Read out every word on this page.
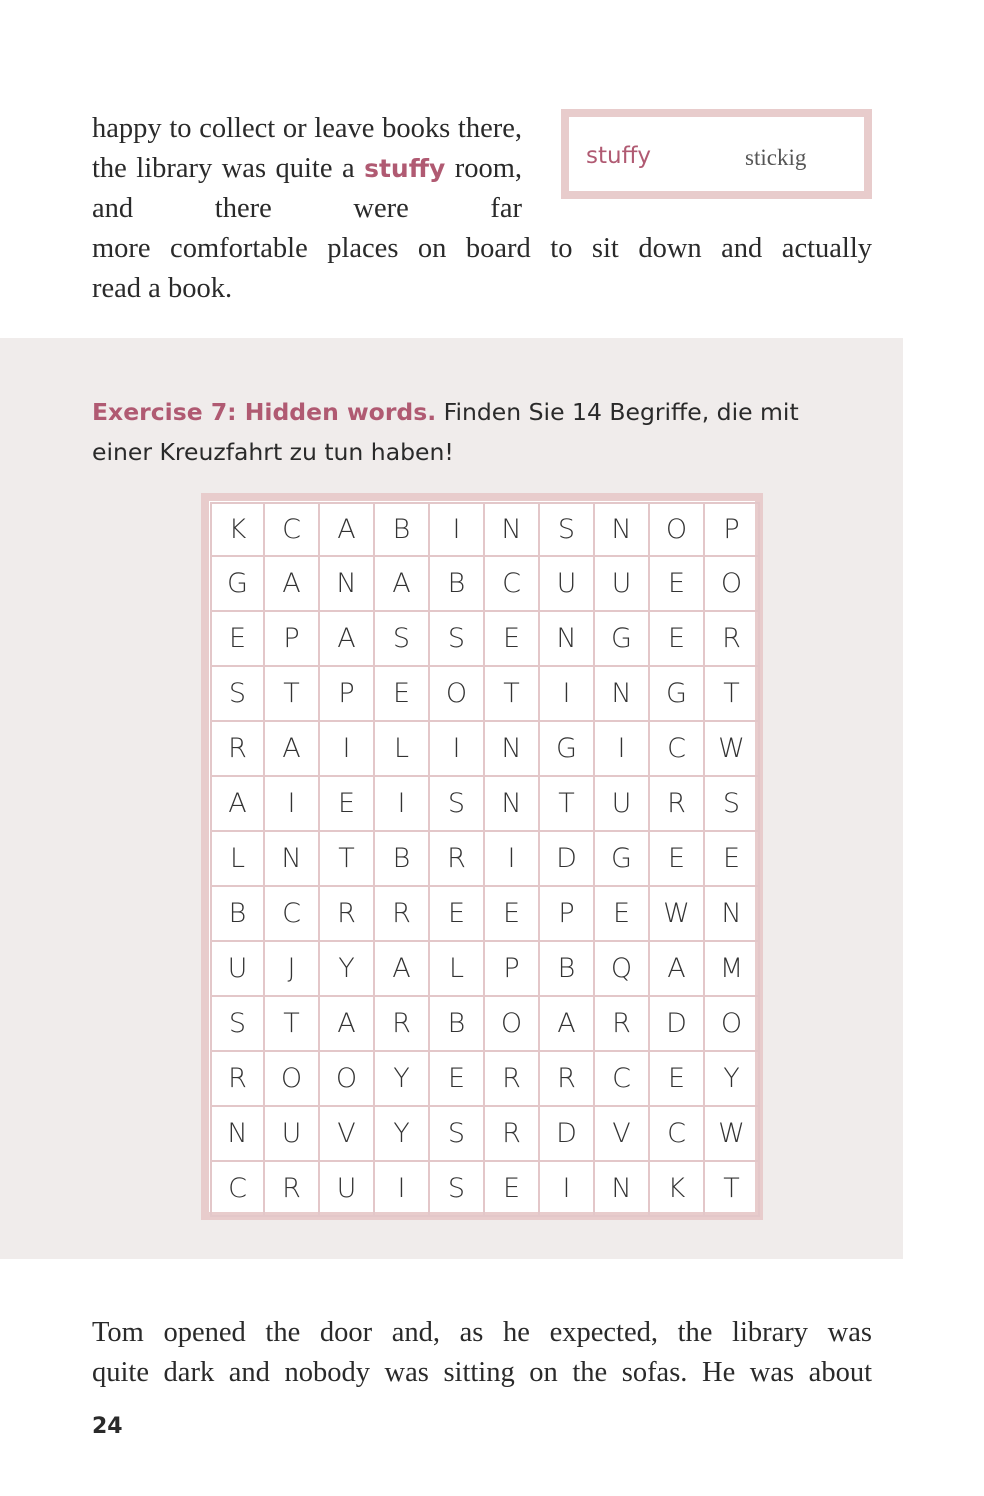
happy to collect or leave books there, the library was quite a stuffy room, and there were far
stuffy	stickig
more comfortable places on board to sit down and actually
read a book.
Exercise 7: Hidden words. Finden Sie 14 Begriffe, die mit einer Kreuzfahrt zu tun haben!
K	C	A	B	I	N	S	N	O	P
G	A	N	A	B	C	U	U	E	O
E	P	A	S	S	E	N	G	E	R
S	T	P	E	O	T	I	N	G	T
R	A	I	L	I	N	G	I	C	W
A	I	E	I	S	N	T	U	R	S
L	N	T	B	R	I	D	G	E	E
B	C	R	R	E	E	P	E	W	N
U	J	Y	A	L	P	B	Q	A	M
S	T	A	R	B	O	A	R	D	O
R	O	O	Y	E	R	R	C	E	Y
N	U	V	Y	S	R	D	V	C	W
C	R	U	I	S	E	I	N	K	T
Tom opened the door and, as he expected, the library was
quite dark and nobody was sitting on the sofas. He was about
24
